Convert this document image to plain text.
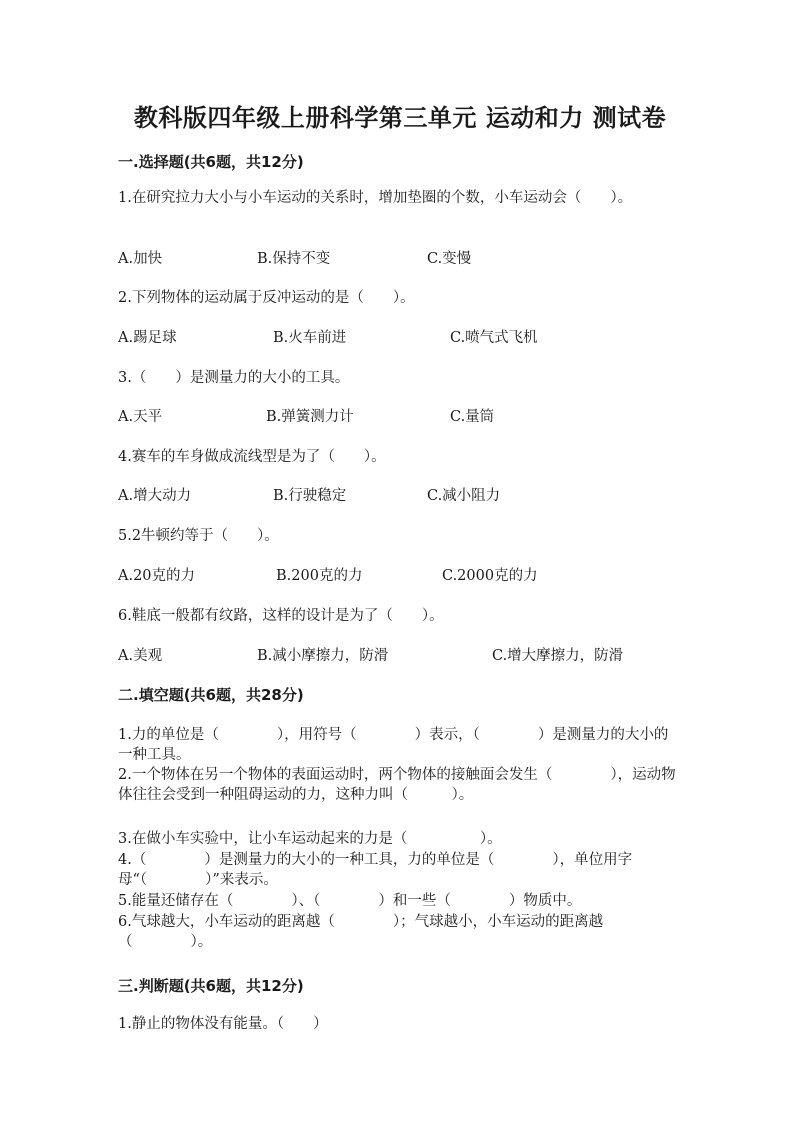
教科版四年级上册科学第三单元 运动和力 测试卷
一.选择题(共6题，共12分)
1.在研究拉力大小与小车运动的关系时，增加垫圈的个数，小车运动会（　　）。
A.加快	B.保持不变	C.变慢
2.下列物体的运动属于反冲运动的是（　　）。
A.踢足球	B.火车前进	C.喷气式飞机
3.（　　）是测量力的大小的工具。
A.天平	B.弹簧测力计	C.量筒
4.赛车的车身做成流线型是为了（　　）。
A.增大动力	B.行驶稳定	C.减小阻力
5.2牛顿约等于（　　）。
A.20克的力	B.200克的力	C.2000克的力
6.鞋底一般都有纹路，这样的设计是为了（　　）。
A.美观	B.减小摩擦力，防滑	C.增大摩擦力，防滑
二.填空题(共6题，共28分)
1.力的单位是（　　　　），用符号（　　　　）表示，（　　　　）是测量力的大小的一种工具。
2.一个物体在另一个物体的表面运动时，两个物体的接触面会发生（　　　　），运动物体往往会受到一种阻碍运动的力，这种力叫（　　　）。
3.在做小车实验中，让小车运动起来的力是（　　　　　）。
4.（　　　　）是测量力的大小的一种工具，力的单位是（　　　　），单位用字母“（　　　　）”来表示。
5.能量还储存在（　　　　）、（　　　　）和一些（　　　　）物质中。
6.气球越大，小车运动的距离越（　　　　）；气球越小，小车运动的距离越（　　　　）。
三.判断题(共6题，共12分)
1.静止的物体没有能量。（　　）
